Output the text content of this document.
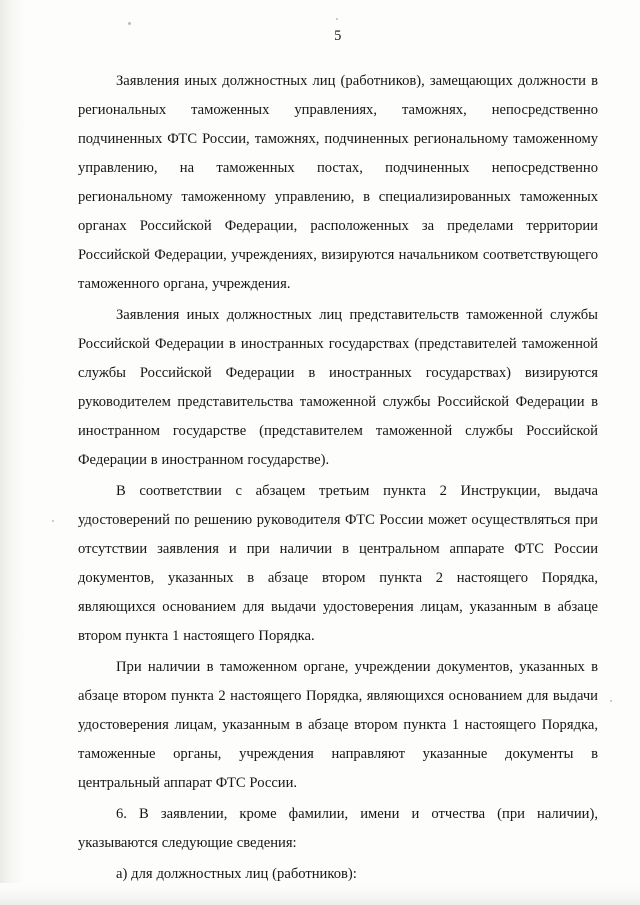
5

Заявления иных должностных лиц (работников), замещающих должности в региональных таможенных управлениях, таможнях, непосредственно подчиненных ФТС России, таможнях, подчиненных региональному таможенному управлению, на таможенных постах, подчиненных непосредственно региональному таможенному управлению, в специализированных таможенных органах Российской Федерации, расположенных за пределами территории Российской Федерации, учреждениях, визируются начальником соответствующего таможенного органа, учреждения.

Заявления иных должностных лиц представительств таможенной службы Российской Федерации в иностранных государствах (представителей таможенной службы Российской Федерации в иностранных государствах) визируются руководителем представительства таможенной службы Российской Федерации в иностранном государстве (представителем таможенной службы Российской Федерации в иностранном государстве).

В соответствии с абзацем третьим пункта 2 Инструкции, выдача удостоверений по решению руководителя ФТС России может осуществляться при отсутствии заявления и при наличии в центральном аппарате ФТС России документов, указанных в абзаце втором пункта 2 настоящего Порядка, являющихся основанием для выдачи удостоверения лицам, указанным в абзаце втором пункта 1 настоящего Порядка.

При наличии в таможенном органе, учреждении документов, указанных в абзаце втором пункта 2 настоящего Порядка, являющихся основанием для выдачи удостоверения лицам, указанным в абзаце втором пункта 1 настоящего Порядка, таможенные органы, учреждения направляют указанные документы в центральный аппарат ФТС России.

6. В заявлении, кроме фамилии, имени и отчества (при наличии), указываются следующие сведения:

а) для должностных лиц (работников):
